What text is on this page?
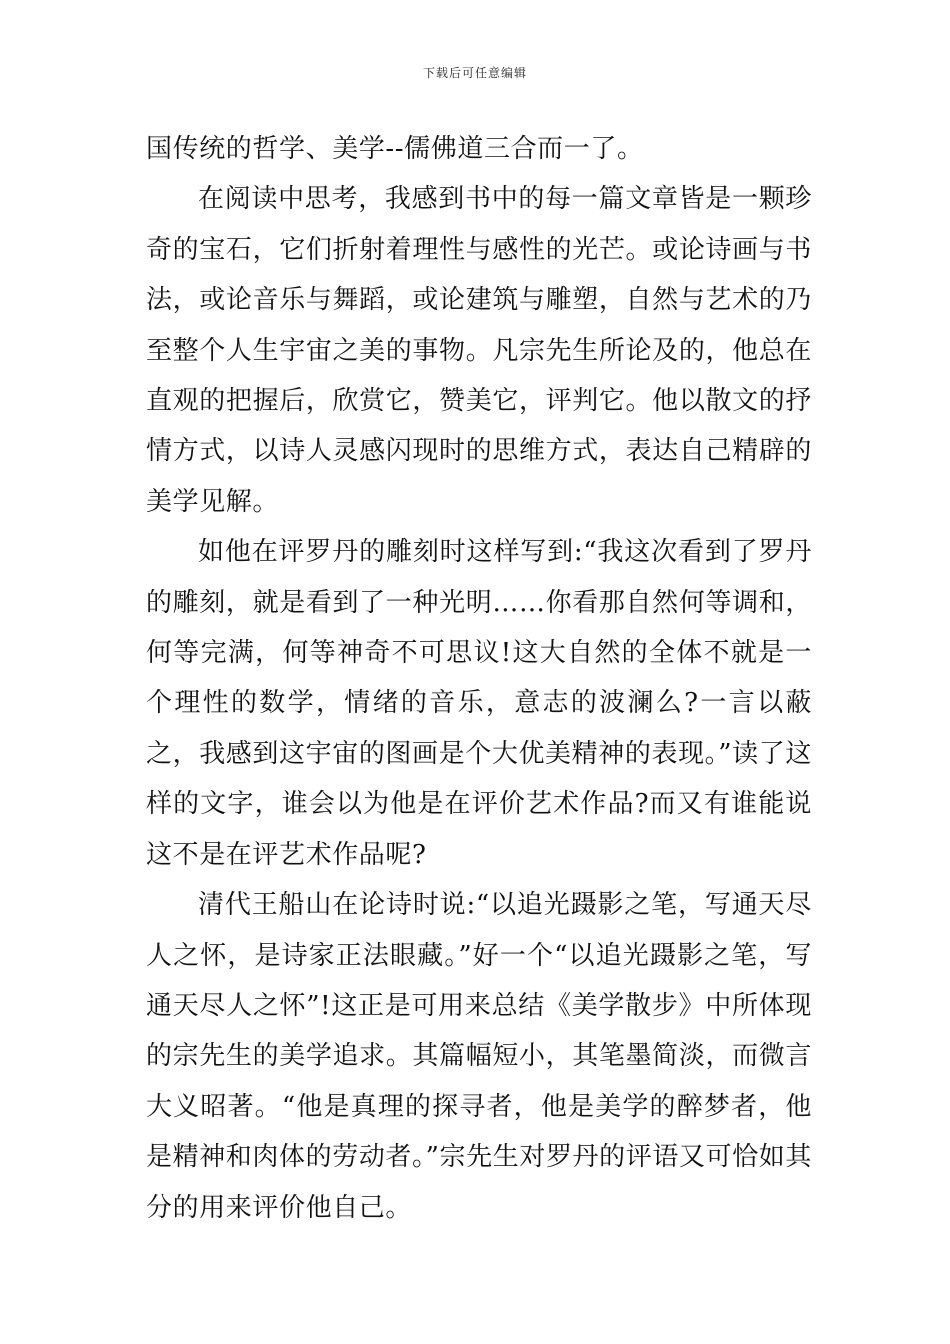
下载后可任意编辑

国传统的哲学、美学--儒佛道三合而一了。

在阅读中思考，我感到书中的每一篇文章皆是一颗珍奇的宝石，它们折射着理性与感性的光芒。或论诗画与书法，或论音乐与舞蹈，或论建筑与雕塑，自然与艺术的乃至整个人生宇宙之美的事物。凡宗先生所论及的，他总在直观的把握后，欣赏它，赞美它，评判它。他以散文的抒情方式，以诗人灵感闪现时的思维方式，表达自己精辟的美学见解。

如他在评罗丹的雕刻时这样写到:“我这次看到了罗丹的雕刻，就是看到了一种光明……你看那自然何等调和，何等完满，何等神奇不可思议!这大自然的全体不就是一个理性的数学，情绪的音乐，意志的波澜么?一言以蔽之，我感到这宇宙的图画是个大优美精神的表现。”读了这样的文字，谁会以为他是在评价艺术作品?而又有谁能说这不是在评艺术作品呢?

清代王船山在论诗时说:“以追光蹑影之笔，写通天尽人之怀，是诗家正法眼藏。”好一个“以追光蹑影之笔，写通天尽人之怀”!这正是可用来总结《美学散步》中所体现的宗先生的美学追求。其篇幅短小，其笔墨简淡，而微言大义昭著。“他是真理的探寻者，他是美学的醉梦者，他是精神和肉体的劳动者。”宗先生对罗丹的评语又可恰如其分的用来评价他自己。
